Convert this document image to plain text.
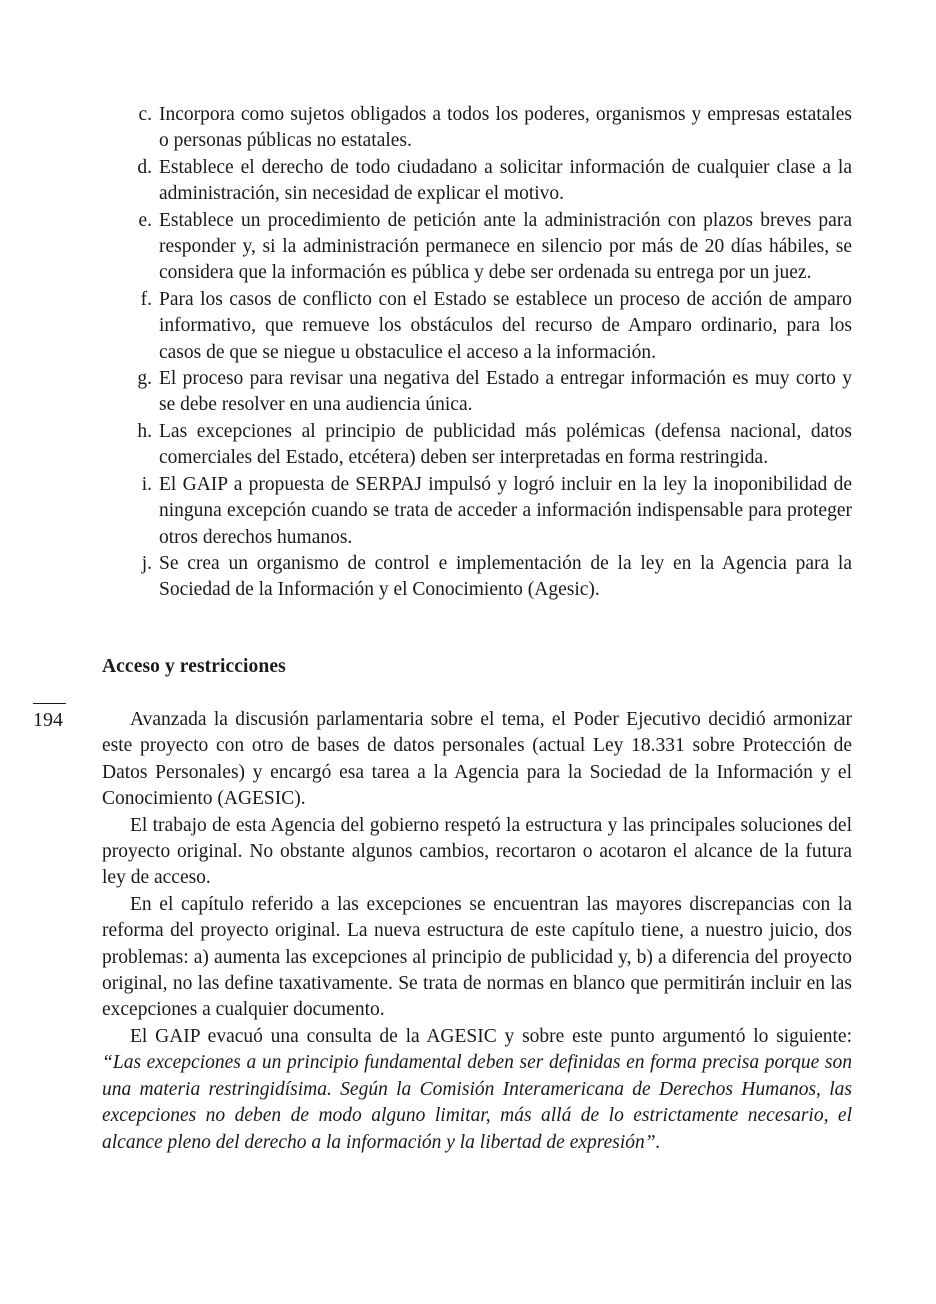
c. Incorpora como sujetos obligados a todos los poderes, organismos y empresas estatales o personas públicas no estatales.
d. Establece el derecho de todo ciudadano a solicitar información de cualquier clase a la administración, sin necesidad de explicar el motivo.
e. Establece un procedimiento de petición ante la administración con plazos breves para responder y, si la administración permanece en silencio por más de 20 días hábiles, se considera que la información es pública y debe ser ordenada su entrega por un juez.
f. Para los casos de conflicto con el Estado se establece un proceso de acción de amparo informativo, que remueve los obstáculos del recurso de Amparo ordinario, para los casos de que se niegue u obstaculice el acceso a la información.
g. El proceso para revisar una negativa del Estado a entregar información es muy corto y se debe resolver en una audiencia única.
h. Las excepciones al principio de publicidad más polémicas (defensa nacional, datos comerciales del Estado, etcétera) deben ser interpretadas en forma restringida.
i. El GAIP a propuesta de SERPAJ impulsó y logró incluir en la ley la inoponibilidad de ninguna excepción cuando se trata de acceder a información indispensable para proteger otros derechos humanos.
j. Se crea un organismo de control e implementación de la ley en la Agencia para la Sociedad de la Información y el Conocimiento (Agesic).
Acceso y restricciones
194	Avanzada la discusión parlamentaria sobre el tema, el Poder Ejecutivo decidió armonizar este proyecto con otro de bases de datos personales (actual Ley 18.331 sobre Protección de Datos Personales) y encargó esa tarea a la Agencia para la Sociedad de la Información y el Conocimiento (AGESIC).

El trabajo de esta Agencia del gobierno respetó la estructura y las principales soluciones del proyecto original. No obstante algunos cambios, recortaron o acotaron el alcance de la futura ley de acceso.

En el capítulo referido a las excepciones se encuentran las mayores discrepancias con la reforma del proyecto original. La nueva estructura de este capítulo tiene, a nuestro juicio, dos problemas: a) aumenta las excepciones al principio de publicidad y, b) a diferencia del proyecto original, no las define taxativamente. Se trata de normas en blanco que permitirán incluir en las excepciones a cualquier documento.

El GAIP evacuó una consulta de la AGESIC y sobre este punto argumentó lo siguiente: “Las excepciones a un principio fundamental deben ser definidas en forma precisa porque son una materia restringidísima. Según la Comisión Interamericana de Derechos Humanos, las excepciones no deben de modo alguno limitar, más allá de lo estrictamente necesario, el alcance pleno del derecho a la información y la libertad de expresión”.
